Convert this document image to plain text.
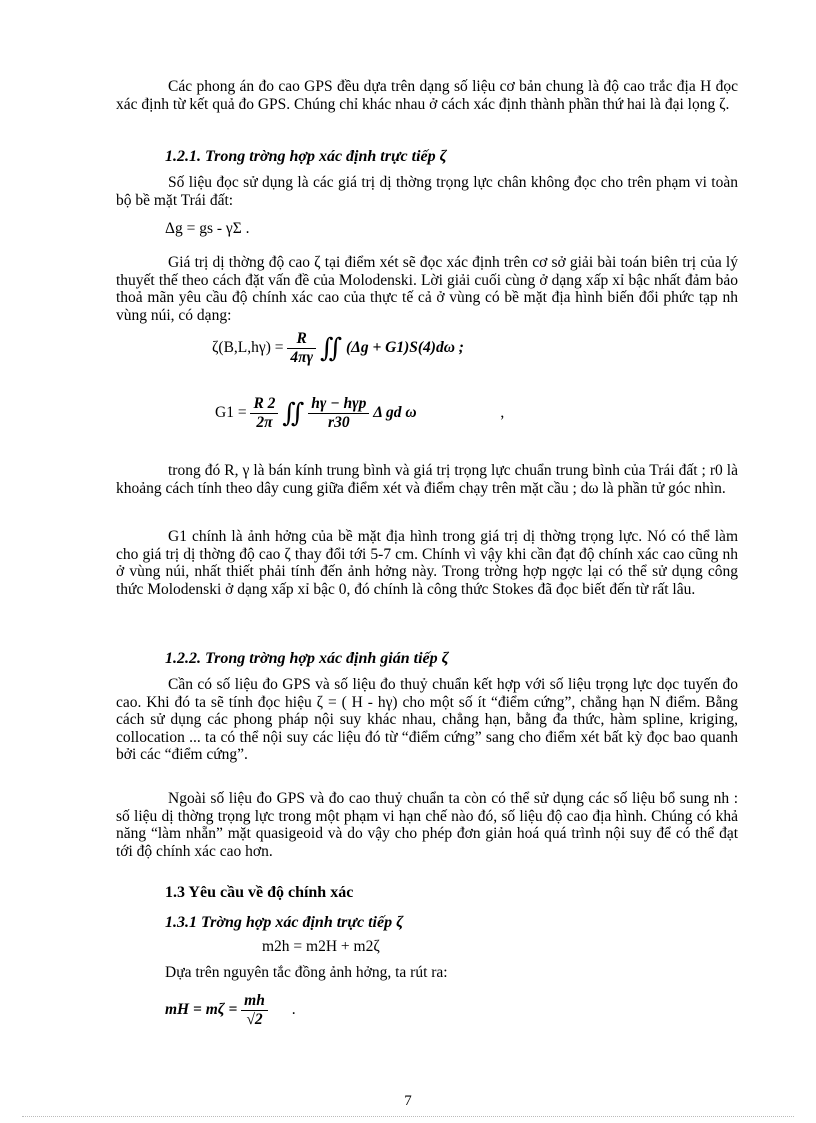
Các phong án đo cao GPS đều dựa trên dạng số liệu cơ bản chung là độ cao trắc địa H đọc xác định từ kết quả đo GPS. Chúng chỉ khác nhau ở cách xác định thành phần thứ hai là đại lọng ζ.

1.2.1. Trong trờng hợp xác định trực tiếp ζ

Số liệu đọc sử dụng là các giá trị dị thờng trọng lực chân không đọc cho trên phạm vi toàn bộ bề mặt Trái đất:

Δg = gs - γΣ .

Giá trị dị thờng độ cao ζ tại điểm xét sẽ đọc xác định trên cơ sở giải bài toán biên trị của lý thuyết thế theo cách đặt vấn đề của Molodenski. Lời giải cuối cùng ở dạng xấp xỉ bậc nhất đảm bảo thoả mãn yêu cầu độ chính xác cao của thực tế cả ở vùng có bề mặt địa hình biến đổi phức tạp nh vùng núi, có dạng:

$\zeta(B,L,h\gamma) = \frac{R}{4\pi\gamma}$ ∬ (Δg + G1)S(4)dω ;
$G1 = \frac{R 2}{2\pi}$ ∬ $\frac{\text{hγ − hγp}}{r30}$ Δ gd ω	,

trong đó R, γ là bán kính trung bình và giá trị trọng lực chuẩn trung bình của Trái đất ; r0 là khoảng cách tính theo dây cung giữa điểm xét và điểm chạy trên mặt cầu ; dω là phần tử góc nhìn.

G1 chính là ảnh hởng của bề mặt địa hình trong giá trị dị thờng trọng lực. Nó có thể làm cho giá trị dị thờng độ cao ζ thay đổi tới 5-7 cm. Chính vì vậy khi cần đạt độ chính xác cao cũng nh ở vùng núi, nhất thiết phải tính đến ảnh hởng này. Trong trờng hợp ngợc lại có thể sử dụng công thức Molodenski ở dạng xấp xỉ bậc 0, đó chính là công thức Stokes đã đọc biết đến từ rất lâu.

1.2.2. Trong trờng hợp xác định gián tiếp ζ

Cần có số liệu đo GPS và số liệu đo thuỷ chuẩn kết hợp với số liệu trọng lực dọc tuyến đo cao. Khi đó ta sẽ tính đọc hiệu ζ = ( H - hγ) cho một số ít “điểm cứng”, chẳng hạn N điểm. Bằng cách sử dụng các phong pháp nội suy khác nhau, chẳng hạn, bằng đa thức, hàm spline, kriging, collocation ... ta có thể nội suy các liệu đó từ “điểm cứng” sang cho điểm xét bất kỳ đọc bao quanh bởi các “điểm cứng”.

Ngoài số liệu đo GPS và đo cao thuỷ chuẩn ta còn có thể sử dụng các số liệu bổ sung nh : số liệu dị thờng trọng lực trong một phạm vi hạn chế nào đó, số liệu độ cao địa hình. Chúng có khả năng “làm nhẵn” mặt quasigeoid và do vậy cho phép đơn giản hoá quá trình nội suy để có thể đạt tới độ chính xác cao hơn.

1.3 Yêu cầu về độ chính xác

1.3.1 Trờng hợp xác định trực tiếp ζ

m2h = m2H + m2ζ

Dựa trên nguyên tắc đồng ảnh hởng, ta rút ra:

mH = $m\zeta = \frac{mh}{√2}$ .
7
